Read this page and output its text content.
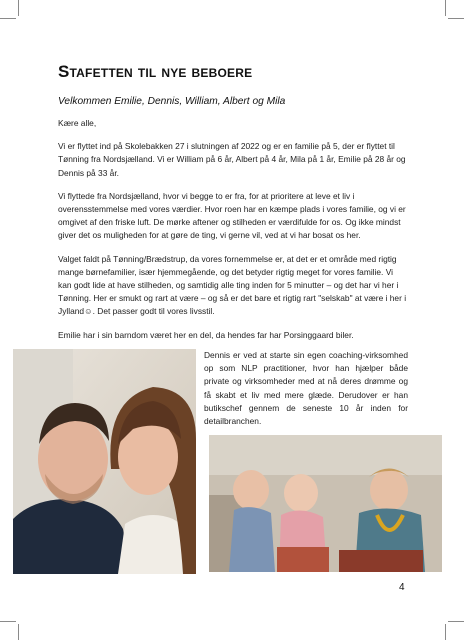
Stafetten til nye beboere
Velkommen Emilie, Dennis, William, Albert og Mila

Kære alle,

Vi er flyttet ind på Skolebakken 27 i slutningen af 2022 og er en familie på 5, der er flyttet til Tønning fra Nordsjælland. Vi er William på 6 år, Albert på 4 år, Mila på 1 år, Emilie på 28 år og Dennis på 33 år.

Vi flyttede fra Nordsjælland, hvor vi begge to er fra, for at prioritere at leve et liv i overensstemmelse med vores værdier. Hvor roen har en kæmpe plads i vores familie, og vi er omgivet af den friske luft. De mørke aftener og stilheden er værdifulde for os. Og ikke mindst giver det os muligheden for at gøre de ting, vi gerne vil, ved at vi har bosat os her.

Valget faldt på Tønning/Brædstrup, da vores fornemmelse er, at det er et område med rigtig mange børnefamilier, især hjemmegående, og det betyder rigtig meget for vores familie. Vi kan godt lide at have stilheden, og samtidig alle ting inden for 5 minutter – og det har vi her i Tønning. Her er smukt og rart at være – og så er det bare et rigtig rart "selskab" at være i her i Jylland☺. Det passer godt til vores livsstil.

Emilie har i sin barndom været her en del, da hendes far har Porsinggaard biler.

Dennis er ved at starte sin egen coaching-virksomhed op som NLP practitioner, hvor han hjælper både private og virksomheder med at nå deres drømme og få skabt et liv med mere glæde. Derudover er han butikschef gennem de seneste 10 år inden for detailbranchen.
4
